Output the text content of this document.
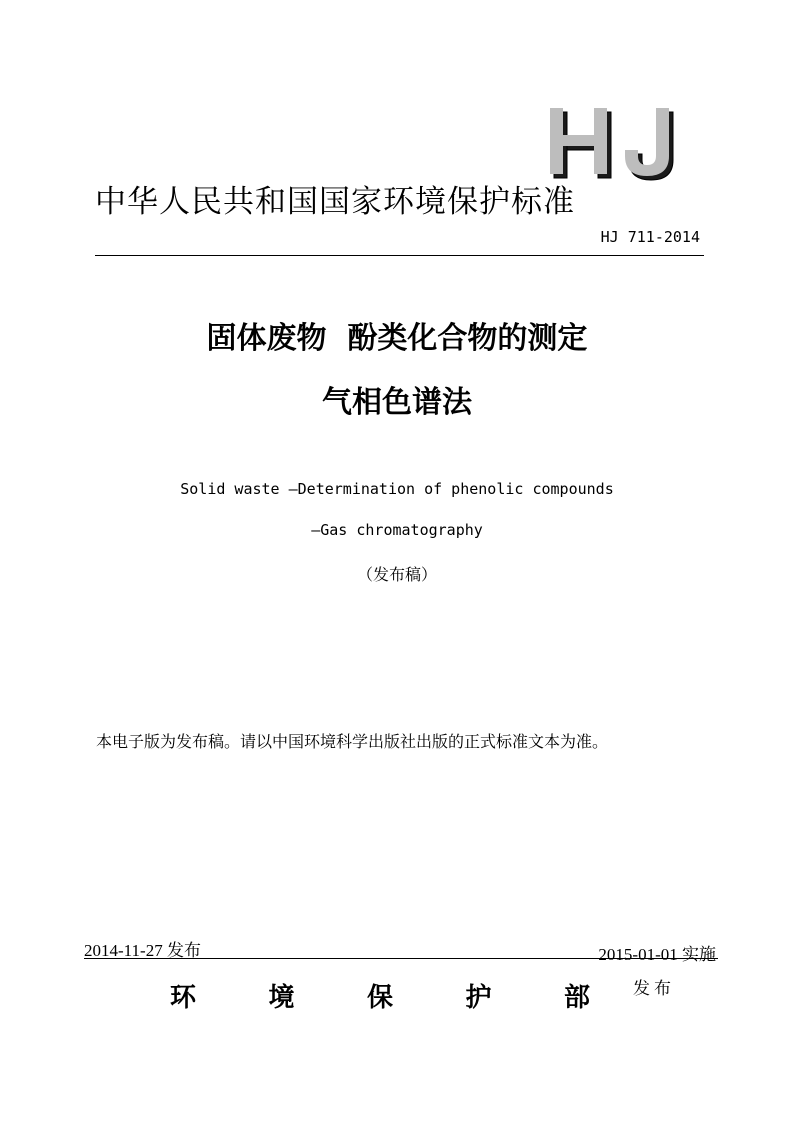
中华人民共和国国家环境保护标准
HJ 711-2014
固体废物  酚类化合物的测定
气相色谱法
Solid waste —Determination of phenolic compounds
—Gas chromatography
（发布稿）
本电子版为发布稿。请以中国环境科学出版社出版的正式标准文本为准。
2014-11-27 发布	2015-01-01 实施
环	境	保	护	部	发布
